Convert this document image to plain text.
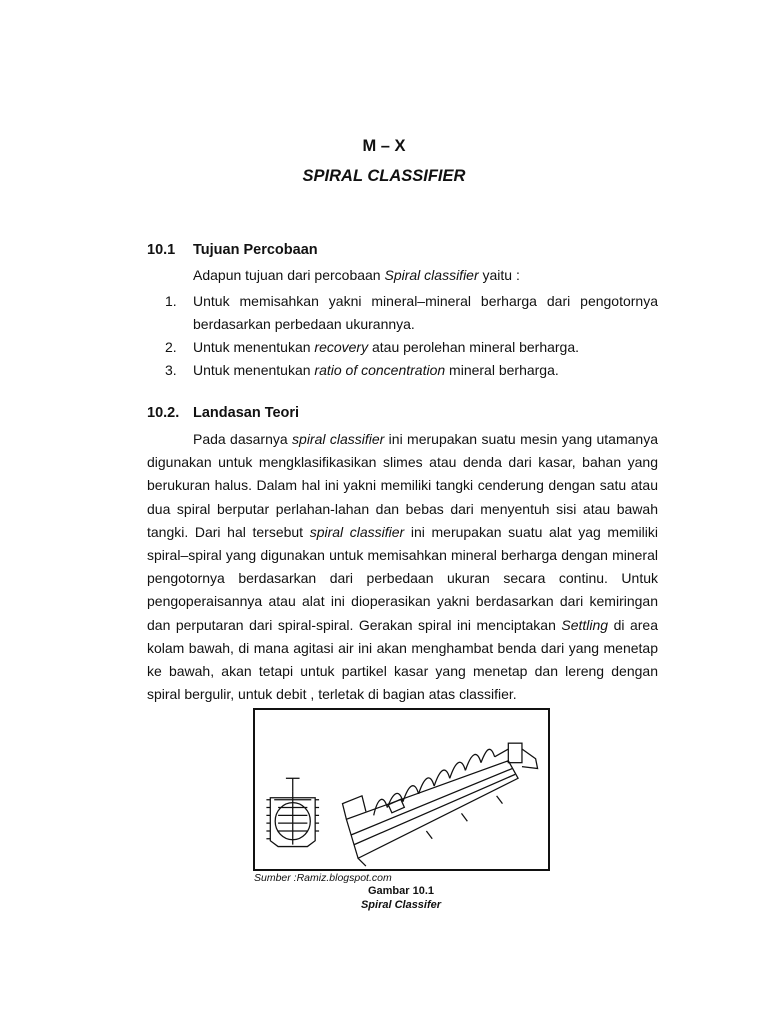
M – X
SPIRAL CLASSIFIER
10.1 Tujuan Percobaan
Adapun tujuan dari percobaan Spiral classifier yaitu :
1. Untuk memisahkan yakni mineral–mineral berharga dari pengotornya berdasarkan perbedaan ukurannya.
2. Untuk menentukan recovery atau perolehan mineral berharga.
3. Untuk menentukan ratio of concentration mineral berharga.
10.2. Landasan Teori

Pada dasarnya spiral classifier ini merupakan suatu mesin yang utamanya digunakan untuk mengklasifikasikan slimes atau denda dari kasar, bahan yang berukuran halus. Dalam hal ini yakni memiliki tangki cenderung dengan satu atau dua spiral berputar perlahan-lahan dan bebas dari menyentuh sisi atau bawah tangki. Dari hal tersebut spiral classifier ini merupakan suatu alat yag memiliki spiral–spiral yang digunakan untuk memisahkan mineral berharga dengan mineral pengotornya berdasarkan dari perbedaan ukuran secara continu. Untuk pengoperaisannya atau alat ini dioperasikan yakni berdasarkan dari kemiringan dan perputaran dari spiral-spiral. Gerakan spiral ini menciptakan Settling di area kolam bawah, di mana agitasi air ini akan menghambat benda dari yang menetap ke bawah, akan tetapi untuk partikel kasar yang menetap dan lereng dengan spiral bergulir, untuk debit , terletak di bagian atas classifier.

Sumber :Ramiz.blogspot.com
Gambar 10.1
Spiral Classifer
